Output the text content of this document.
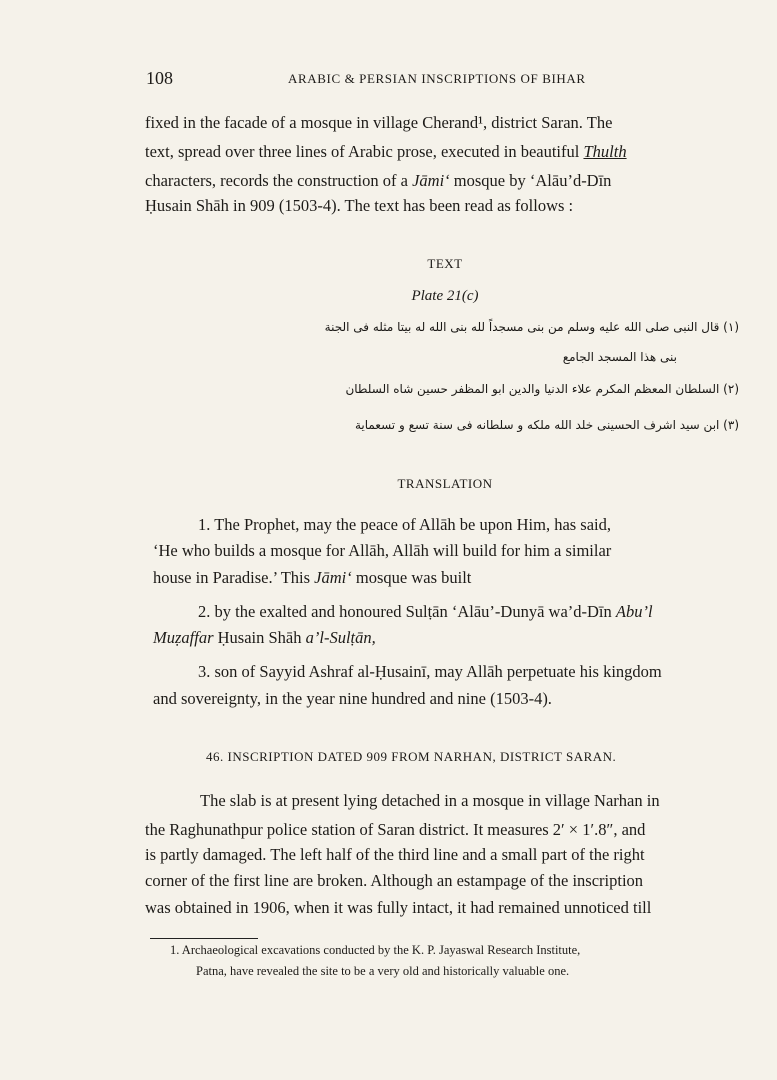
108	ARABIC & PERSIAN INSCRIPTIONS OF BIHAR

fixed in the facade of a mosque in village Cherand¹, district Saran. The

text, spread over three lines of Arabic prose, executed in beautiful Thulth

characters, records the construction of a Jāmi‘ mosque by ‘Alāu’d-Dīn

Ḥusain Shāh in 909 (1503-4). The text has been read as follows :

TEXT
Plate 21(c)
(۱) قال النبی صلی الله علیه وسلم من بنی مسجداً لله بنی الله له بیتا مثله فی الجنة
بنی هذا المسجد الجامع
(۲) السلطان المعظم المکرم علاء الدنیا والدین ابو المظفر حسین شاه السلطان
(۳) ابن سید اشرف الحسینی خلد الله ملکه و سلطانه فی سنة تسع و تسعمایة
TRANSLATION

1. The Prophet, may the peace of Allāh be upon Him, has said,

‘He who builds a mosque for Allāh, Allāh will build for him a similar

house in Paradise.’ This Jāmi‘ mosque was built

2. by the exalted and honoured Sulṭān ‘Alāu’-Dunyā wa’d-Dīn Abu’l

Muẓaffar Ḥusain Shāh a’l-Sulṭān,

3. son of Sayyid Ashraf al-Ḥusainī, may Allāh perpetuate his kingdom

and sovereignty, in the year nine hundred and nine (1503-4).

46. INSCRIPTION DATED 909 FROM NARHAN, DISTRICT SARAN.

The slab is at present lying detached in a mosque in village Narhan in

the Raghunathpur police station of Saran district. It measures 2′ × 1′.8″, and

is partly damaged. The left half of the third line and a small part of the right

corner of the first line are broken. Although an estampage of the inscription

was obtained in 1906, when it was fully intact, it had remained unnoticed till

1. Archaeological excavations conducted by the K. P. Jayaswal Research Institute,

Patna, have revealed the site to be a very old and historically valuable one.
